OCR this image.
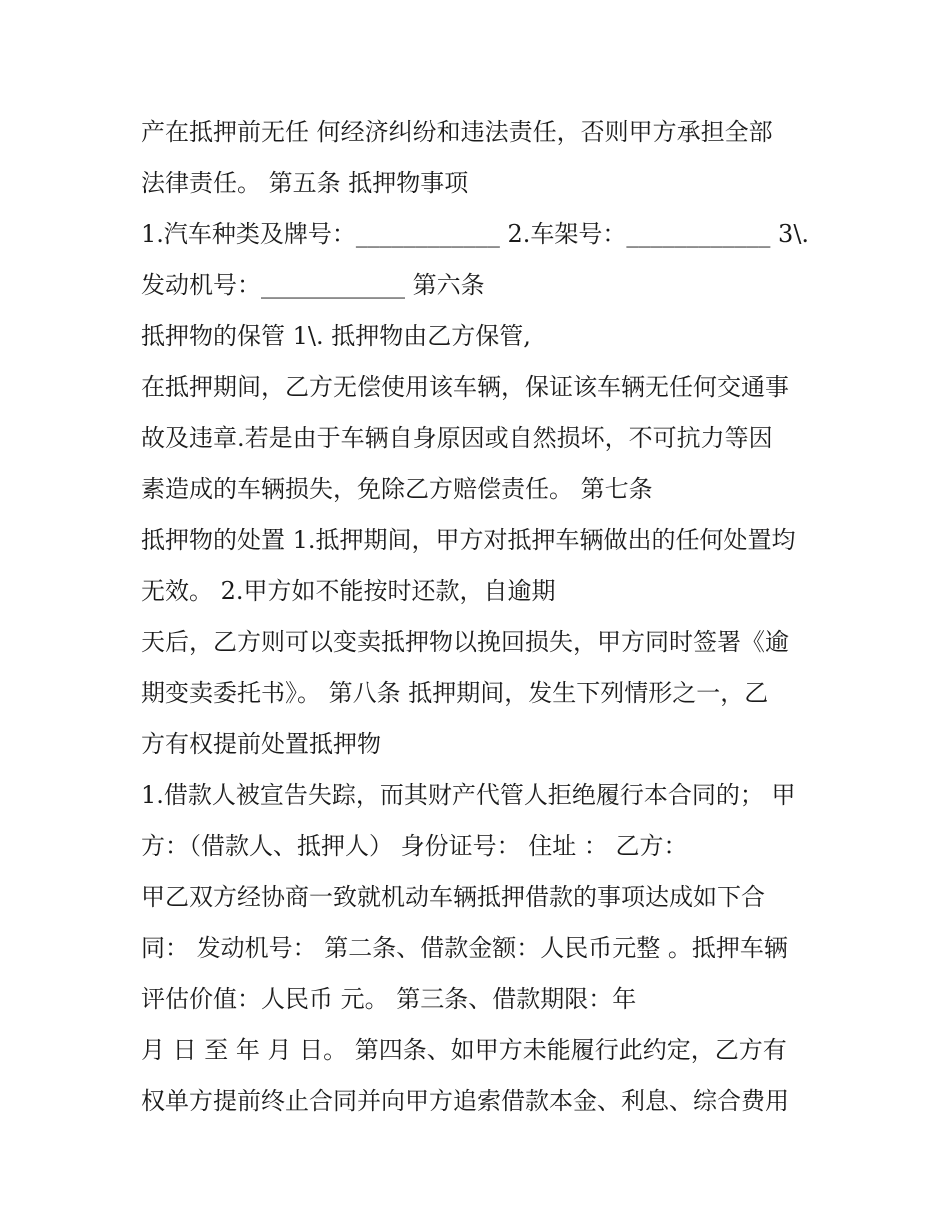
产在抵押前无任 何经济纠纷和违法责任，否则甲方承担全部
法律责任。 第五条 抵押物事项
1.汽车种类及牌号：____________ 2.车架号：____________ 3\.
发动机号：____________ 第六条
抵押物的保管 1\. 抵押物由乙方保管,
在抵押期间，乙方无偿使用该车辆，保证该车辆无任何交通事
故及违章.若是由于车辆自身原因或自然损坏，不可抗力等因
素造成的车辆损失，免除乙方赔偿责任。 第七条
抵押物的处置 1.抵押期间，甲方对抵押车辆做出的任何处置均
无效。 2.甲方如不能按时还款，自逾期
天后，乙方则可以变卖抵押物以挽回损失，甲方同时签署《逾
期变卖委托书》。 第八条 抵押期间，发生下列情形之一，乙
方有权提前处置抵押物
1.借款人被宣告失踪，而其财产代管人拒绝履行本合同的； 甲
方：（借款人、抵押人） 身份证号： 住址 ： 乙方：
甲乙双方经协商一致就机动车辆抵押借款的事项达成如下合
同： 发动机号： 第二条、借款金额：人民币元整 。抵押车辆
评估价值：人民币 元。 第三条、借款期限：年
月 日 至 年 月 日。 第四条、如甲方未能履行此约定，乙方有
权单方提前终止合同并向甲方追索借款本金、利息、综合费用
